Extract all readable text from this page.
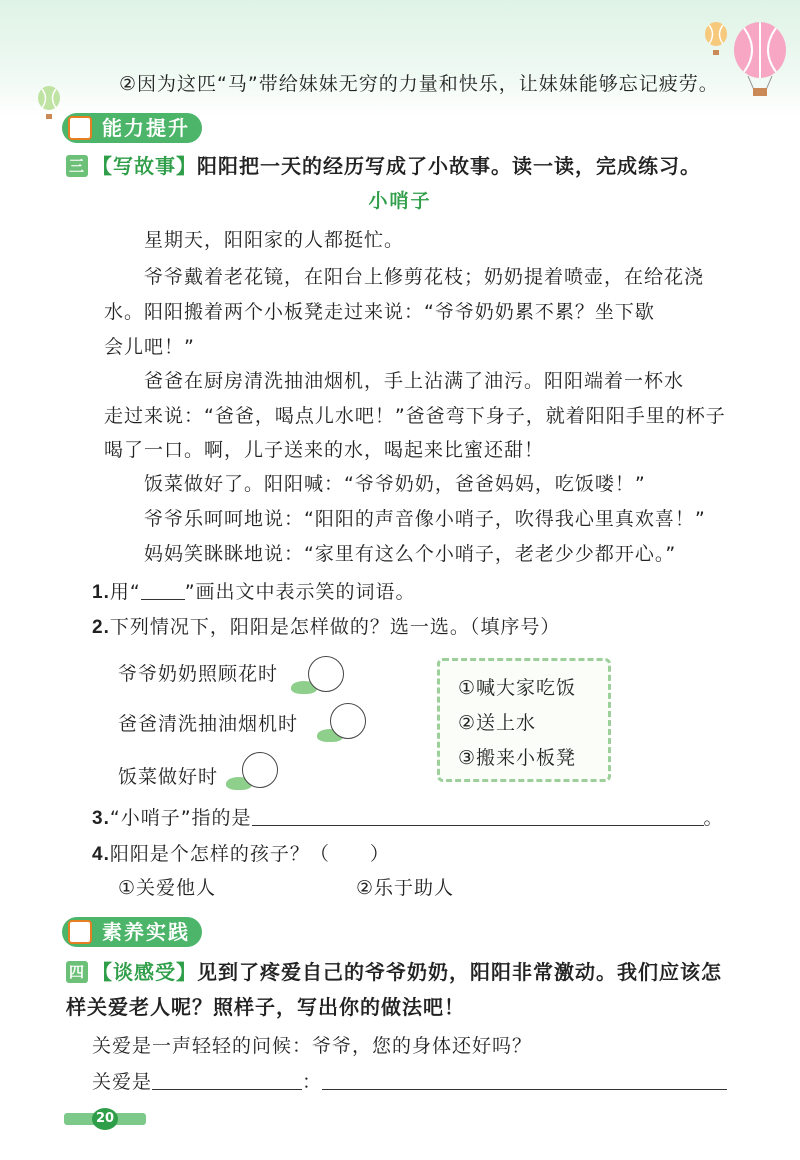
②因为这匹“马”带给妹妹无穷的力量和快乐，让妹妹能够忘记疲劳。
能力提升
三 【写故事】阳阳把一天的经历写成了小故事。读一读，完成练习。
小哨子
星期天，阳阳家的人都挺忙。
爷爷戴着老花镜，在阳台上修剪花枝；奶奶提着喷壶，在给花浇
水。阳阳搬着两个小板凳走过来说：“爷爷奶奶累不累？坐下歇
会儿吧！”
爸爸在厨房清洗抽油烟机，手上沾满了油污。阳阳端着一杯水
走过来说：“爸爸，喝点儿水吧！”爸爸弯下身子，就着阳阳手里的杯子
喝了一口。啊，儿子送来的水，喝起来比蜜还甜！
饭菜做好了。阳阳喊：“爷爷奶奶，爸爸妈妈，吃饭喽！”
爷爷乐呵呵地说：“阳阳的声音像小哨子，吹得我心里真欢喜！”
妈妈笑眯眯地说：“家里有这么个小哨子，老老少少都开心。”
1.用“ ”画出文中表示笑的词语。
2.下列情况下，阳阳是怎样做的？选一选。（填序号）
爷爷奶奶照顾花时
爸爸清洗抽油烟机时
饭菜做好时
①喊大家吃饭
②送上水
③搬来小板凳
3.“小哨子”指的是	。
4.阳阳是个怎样的孩子？（　　）
①关爱他人	②乐于助人
素养实践
四 【谈感受】见到了疼爱自己的爷爷奶奶，阳阳非常激动。我们应该怎
样关爱老人呢？照样子，写出你的做法吧！
关爱是一声轻轻的问候：爷爷，您的身体还好吗？
关爱是	：
20
